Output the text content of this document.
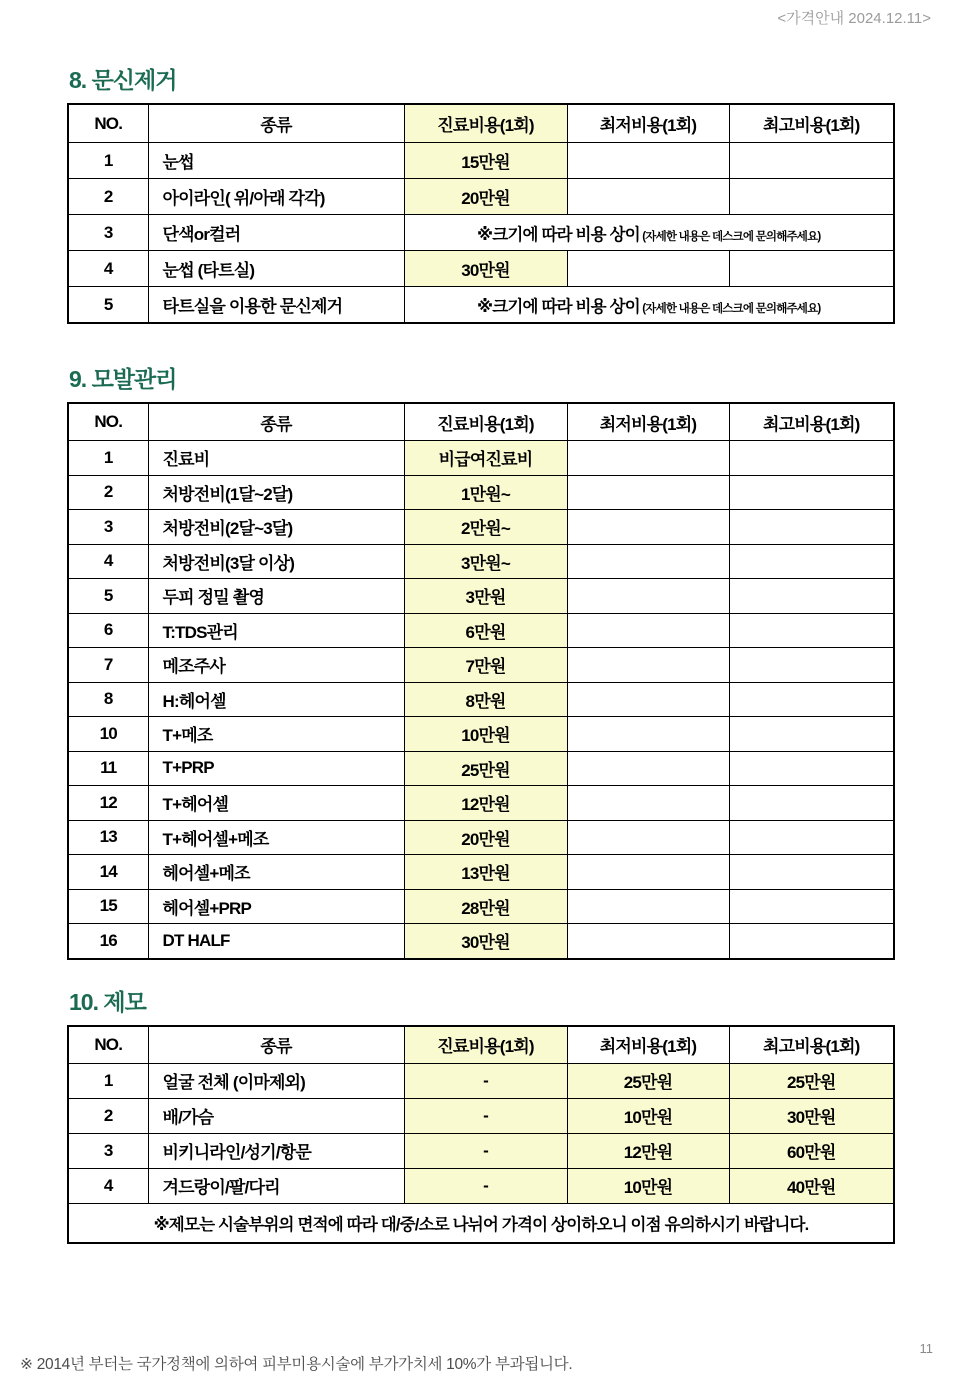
<가격안내 2024.12.11>
8. 문신제거
NO.	종류	진료비용(1회)	최저비용(1회)	최고비용(1회)
1	눈썹	15만원		
2	아이라인( 위/아래 각각)	20만원		
3	단색or컬러	※크기에 따라 비용 상이 (자세한 내용은 데스크에 문의해주세요)		
4	눈썹 (타트실)	30만원		
5	타트실을 이용한 문신제거	※크기에 따라 비용 상이 (자세한 내용은 데스크에 문의해주세요)		
9. 모발관리
NO.	종류	진료비용(1회)	최저비용(1회)	최고비용(1회)
1	진료비	비급여진료비		
2	처방전비(1달~2달)	1만원~		
3	처방전비(2달~3달)	2만원~		
4	처방전비(3달 이상)	3만원~		
5	두피 정밀 촬영	3만원		
6	T:TDS관리	6만원		
7	메조주사	7만원		
8	H:헤어셀	8만원		
10	T+메조	10만원		
11	T+PRP	25만원		
12	T+헤어셀	12만원		
13	T+헤어셀+메조	20만원		
14	헤어셀+메조	13만원		
15	헤어셀+PRP	28만원		
16	DT HALF	30만원		
10. 제모
NO.	종류	진료비용(1회)	최저비용(1회)	최고비용(1회)
1	얼굴 전체 (이마제외)	-	25만원	25만원
2	배/가슴	-	10만원	30만원
3	비키니라인/성기/항문	-	12만원	60만원
4	겨드랑이/팔/다리	-	10만원	40만원
※제모는 시술부위의 면적에 따라 대/중/소로 나뉘어 가격이 상이하오니 이점 유의하시기 바랍니다.				
※ 2014년 부터는 국가정책에 의하여 피부미용시술에 부가가치세 10%가 부과됩니다.
11
